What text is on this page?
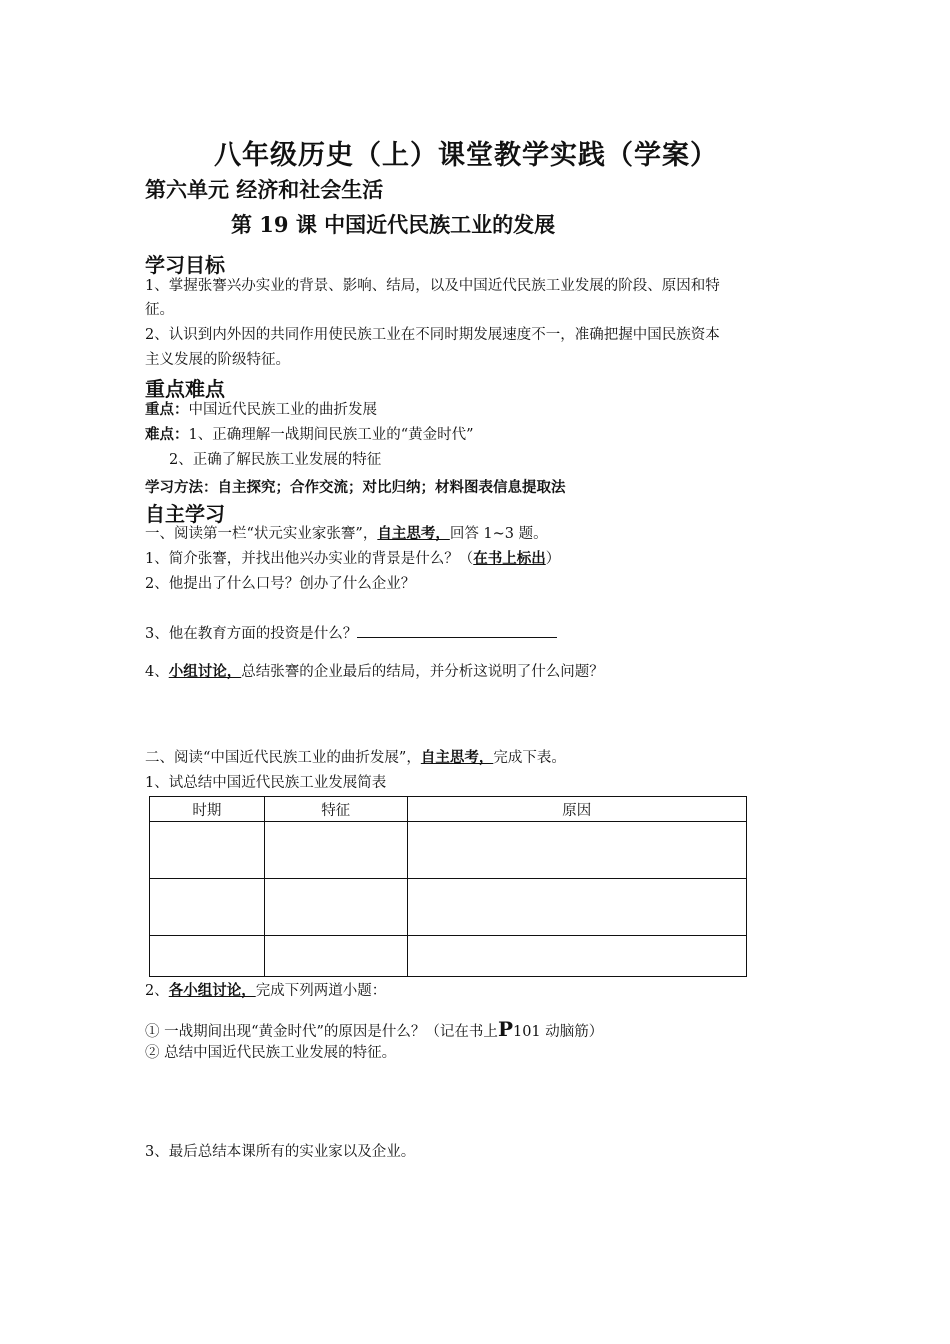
八年级历史（上）课堂教学实践（学案）
第六单元 经济和社会生活
第 19 课 中国近代民族工业的发展
学习目标
1、掌握张謇兴办实业的背景、影响、结局，以及中国近代民族工业发展的阶段、原因和特
征。
2、认识到内外因的共同作用使民族工业在不同时期发展速度不一，准确把握中国民族资本
主义发展的阶级特征。
重点难点
重点：中国近代民族工业的曲折发展
难点：1、正确理解一战期间民族工业的“黄金时代”
2、正确了解民族工业发展的特征
学习方法：自主探究；合作交流；对比归纳；材料图表信息提取法
自主学习
一、阅读第一栏“状元实业家张謇”，自主思考，回答 1~3 题。
1、简介张謇，并找出他兴办实业的背景是什么？（在书上标出）
2、他提出了什么口号？创办了什么企业？
3、他在教育方面的投资是什么？
4、小组讨论，总结张謇的企业最后的结局，并分析这说明了什么问题？
二、阅读“中国近代民族工业的曲折发展”，自主思考，完成下表。
1、试总结中国近代民族工业发展简表
时期	特征	原因

2、各小组讨论，完成下列两道小题：
① 一战期间出现“黄金时代”的原因是什么？（记在书上P101 动脑筋）
② 总结中国近代民族工业发展的特征。
3、最后总结本课所有的实业家以及企业。
